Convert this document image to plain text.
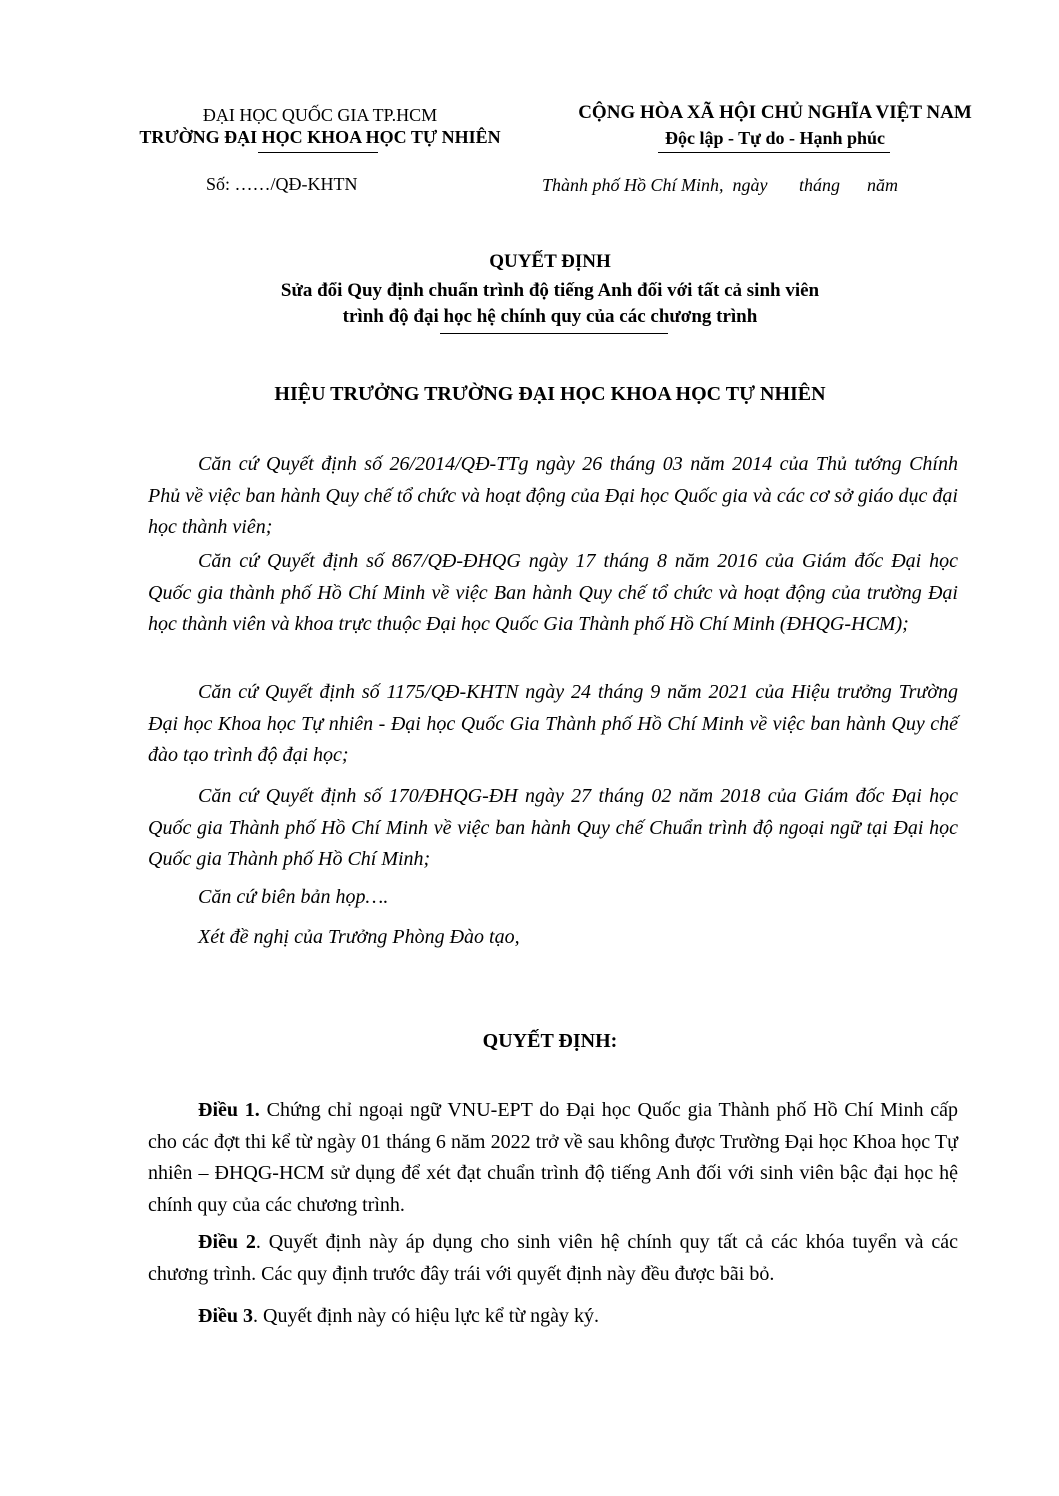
ĐẠI HỌC QUỐC GIA TP.HCM
TRƯỜNG ĐẠI HỌC KHOA HỌC TỰ NHIÊN
CỘNG HÒA XÃ HỘI CHỦ NGHĨA VIỆT NAM
Độc lập - Tự do - Hạnh phúc
Số: ……/QĐ-KHTN	Thành phố Hồ Chí Minh,  ngày       tháng      năm
QUYẾT ĐỊNH
Sửa đổi Quy định chuẩn trình độ tiếng Anh đối với tất cả sinh viên
trình độ đại học hệ chính quy của các chương trình
HIỆU TRƯỞNG TRƯỜNG ĐẠI HỌC KHOA HỌC TỰ NHIÊN
Căn cứ Quyết định số 26/2014/QĐ-TTg ngày 26 tháng 03 năm 2014 của Thủ tướng Chính Phủ về việc ban hành Quy chế tổ chức và hoạt động của Đại học Quốc gia và các cơ sở giáo dục đại học thành viên;
Căn cứ Quyết định số 867/QĐ-ĐHQG ngày 17 tháng 8 năm 2016 của Giám đốc Đại học Quốc gia thành phố Hồ Chí Minh về việc Ban hành Quy chế tổ chức và hoạt động của trường Đại học thành viên và khoa trực thuộc Đại học Quốc Gia Thành phố Hồ Chí Minh (ĐHQG-HCM);
Căn cứ Quyết định số 1175/QĐ-KHTN ngày 24 tháng 9 năm 2021 của Hiệu trưởng Trường Đại học Khoa học Tự nhiên - Đại học Quốc Gia Thành phố Hồ Chí Minh về việc ban hành Quy chế đào tạo trình độ đại học;
Căn cứ Quyết định số 170/ĐHQG-ĐH ngày 27 tháng 02 năm 2018 của Giám đốc Đại học Quốc gia Thành phố Hồ Chí Minh về việc ban hành Quy chế Chuẩn trình độ ngoại ngữ tại Đại học Quốc gia Thành phố Hồ Chí Minh;
Căn cứ biên bản họp….
Xét đề nghị của Trưởng Phòng Đào tạo,
QUYẾT ĐỊNH:
Điều 1. Chứng chỉ ngoại ngữ VNU-EPT do Đại học Quốc gia Thành phố Hồ Chí Minh cấp cho các đợt thi kể từ ngày 01 tháng 6 năm 2022 trở về sau không được Trường Đại học Khoa học Tự nhiên – ĐHQG-HCM sử dụng để xét đạt chuẩn trình độ tiếng Anh đối với sinh viên bậc đại học hệ chính quy của các chương trình.
Điều 2. Quyết định này áp dụng cho sinh viên hệ chính quy tất cả các khóa tuyển và các chương trình. Các quy định trước đây trái với quyết định này đều được bãi bỏ.
Điều 3. Quyết định này có hiệu lực kể từ ngày ký.
